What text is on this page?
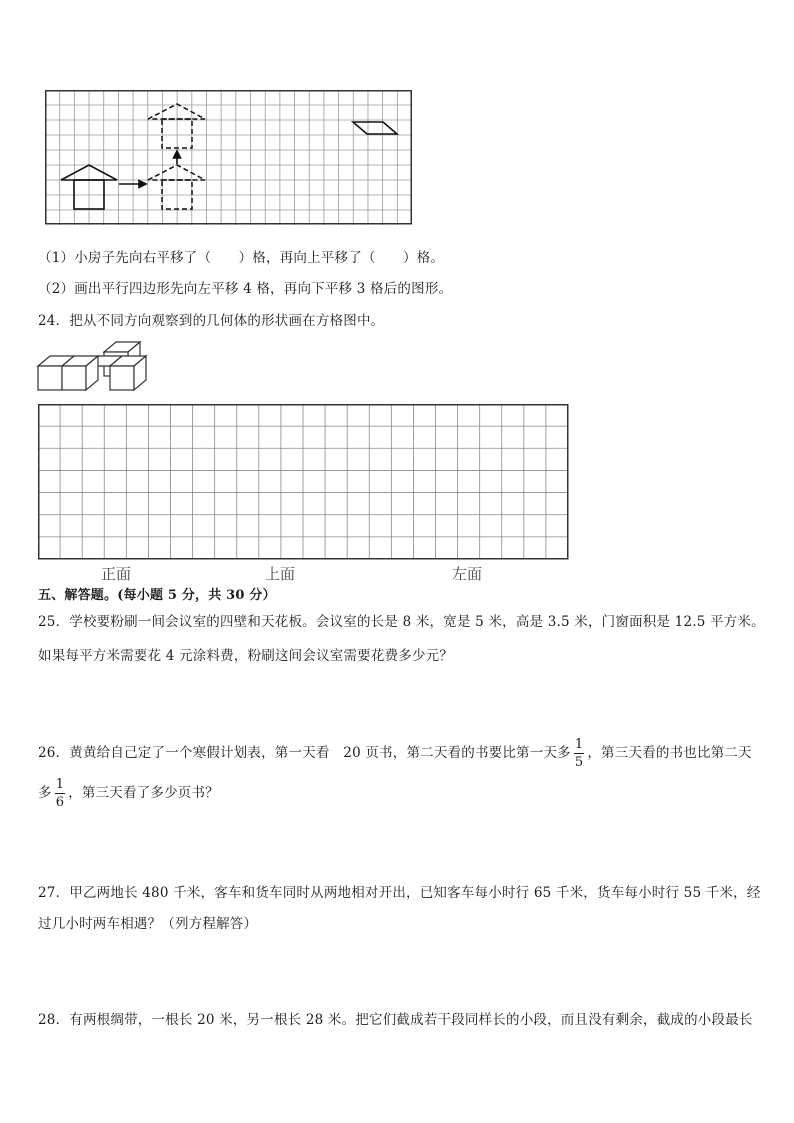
（1）小房子先向右平移了（　　）格，再向上平移了（　　）格。
（2）画出平行四边形先向左平移 4 格，再向下平移 3 格后的图形。
24．把从不同方向观察到的几何体的形状画在方格图中。
正面	上面	左面
五、解答题。(每小题 5 分，共 30 分）
25．学校要粉刷一间会议室的四壁和天花板。会议室的长是 8 米，宽是 5 米，高是 3.5 米，门窗面积是 12.5 平方米。
如果每平方米需要花 4 元涂料费，粉刷这间会议室需要花费多少元？
26．黄黄给自己定了一个寒假计划表，第一天看　20 页书，第二天看的书要比第一天多 $\frac{1}{5}$ ，第三天看的书也比第二天
多 $\frac{1}{6}$ ，第三天看了多少页书？
27．甲乙两地长 480 千米，客车和货车同时从两地相对开出，已知客车每小时行 65 千米，货车每小时行 55 千米，经
过几小时两车相遇？（列方程解答）
28．有两根绸带，一根长 20 米，另一根长 28 米。把它们截成若干段同样长的小段，而且没有剩余，截成的小段最长
